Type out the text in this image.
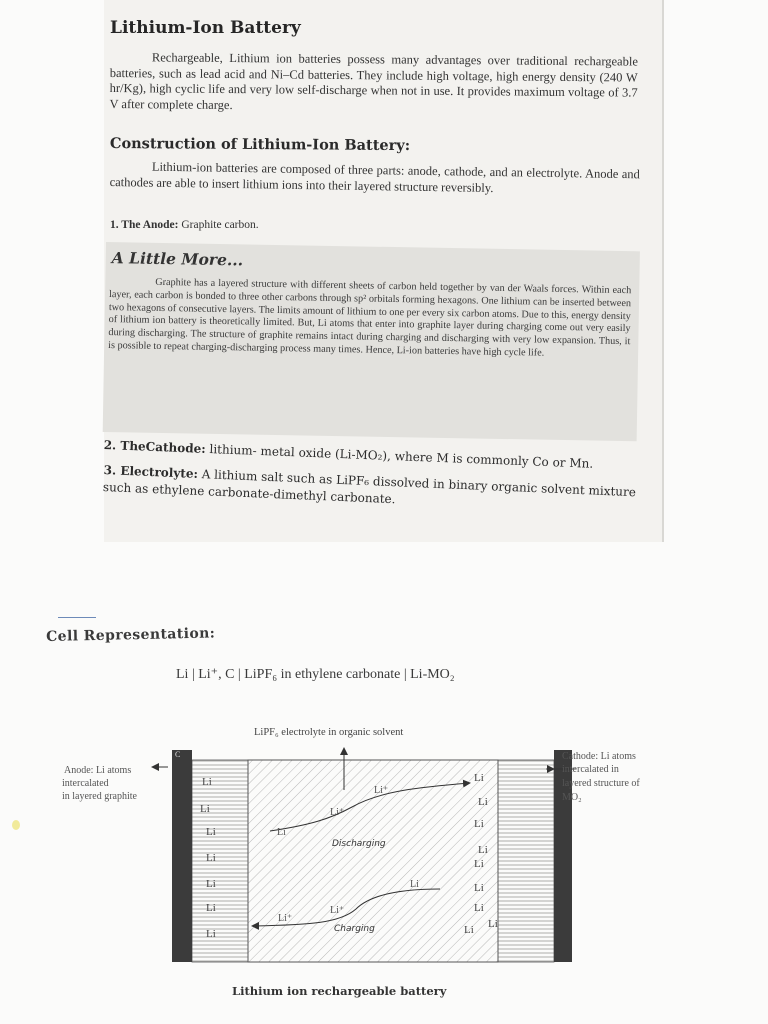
Lithium-Ion Battery

Rechargeable, Lithium ion batteries possess many advantages over traditional rechargeable batteries, such as lead acid and Ni–Cd batteries. They include high voltage, high energy density (240 W hr/Kg), high cyclic life and very low self-discharge when not in use. It provides maximum voltage of 3.7 V after complete charge.

Construction of Lithium-Ion Battery:

Lithium-ion batteries are composed of three parts: anode, cathode, and an electrolyte. Anode and cathodes are able to insert lithium ions into their layered structure reversibly.

1. The Anode: Graphite carbon.

A Little More...

Graphite has a layered structure with different sheets of carbon held together by van der Waals forces. Within each layer, each carbon is bonded to three other carbons through sp² orbitals forming hexagons. One lithium can be inserted between two hexagons of consecutive layers. The limits amount of lithium to one per every six carbon atoms. Due to this, energy density of lithium ion battery is theoretically limited. But, Li atoms that enter into graphite layer during charging come out very easily during discharging. The structure of graphite remains intact during charging and discharging with very low expansion. Thus, it is possible to repeat charging-discharging process many times. Hence, Li-ion batteries have high cycle life.

2. TheCathode: lithium- metal oxide (Li-MO₂), where M is commonly Co or Mn.

3. Electrolyte: A lithium salt such as LiPF₆ dissolved in binary organic solvent mixture such as ethylene carbonate-dimethyl carbonate.

Cell Representation:

Li | Li⁺, C | LiPF₆ in ethylene carbonate | Li-MO₂

Li
Li
Li
Li
Li
Li
Li
C
Li
Li
Li
Li
Li
Li
Li
Li
Li
LiPF₆ electrolyte in organic solvent
Li
Li⁺
Li⁺
Discharging
Li
Li⁺
Li⁺
Charging
Anode: Li atoms
intercalated
in layered graphite
Cathode: Li atoms
intercalated in
layered structure of
MO₂

Lithium ion rechargeable battery
